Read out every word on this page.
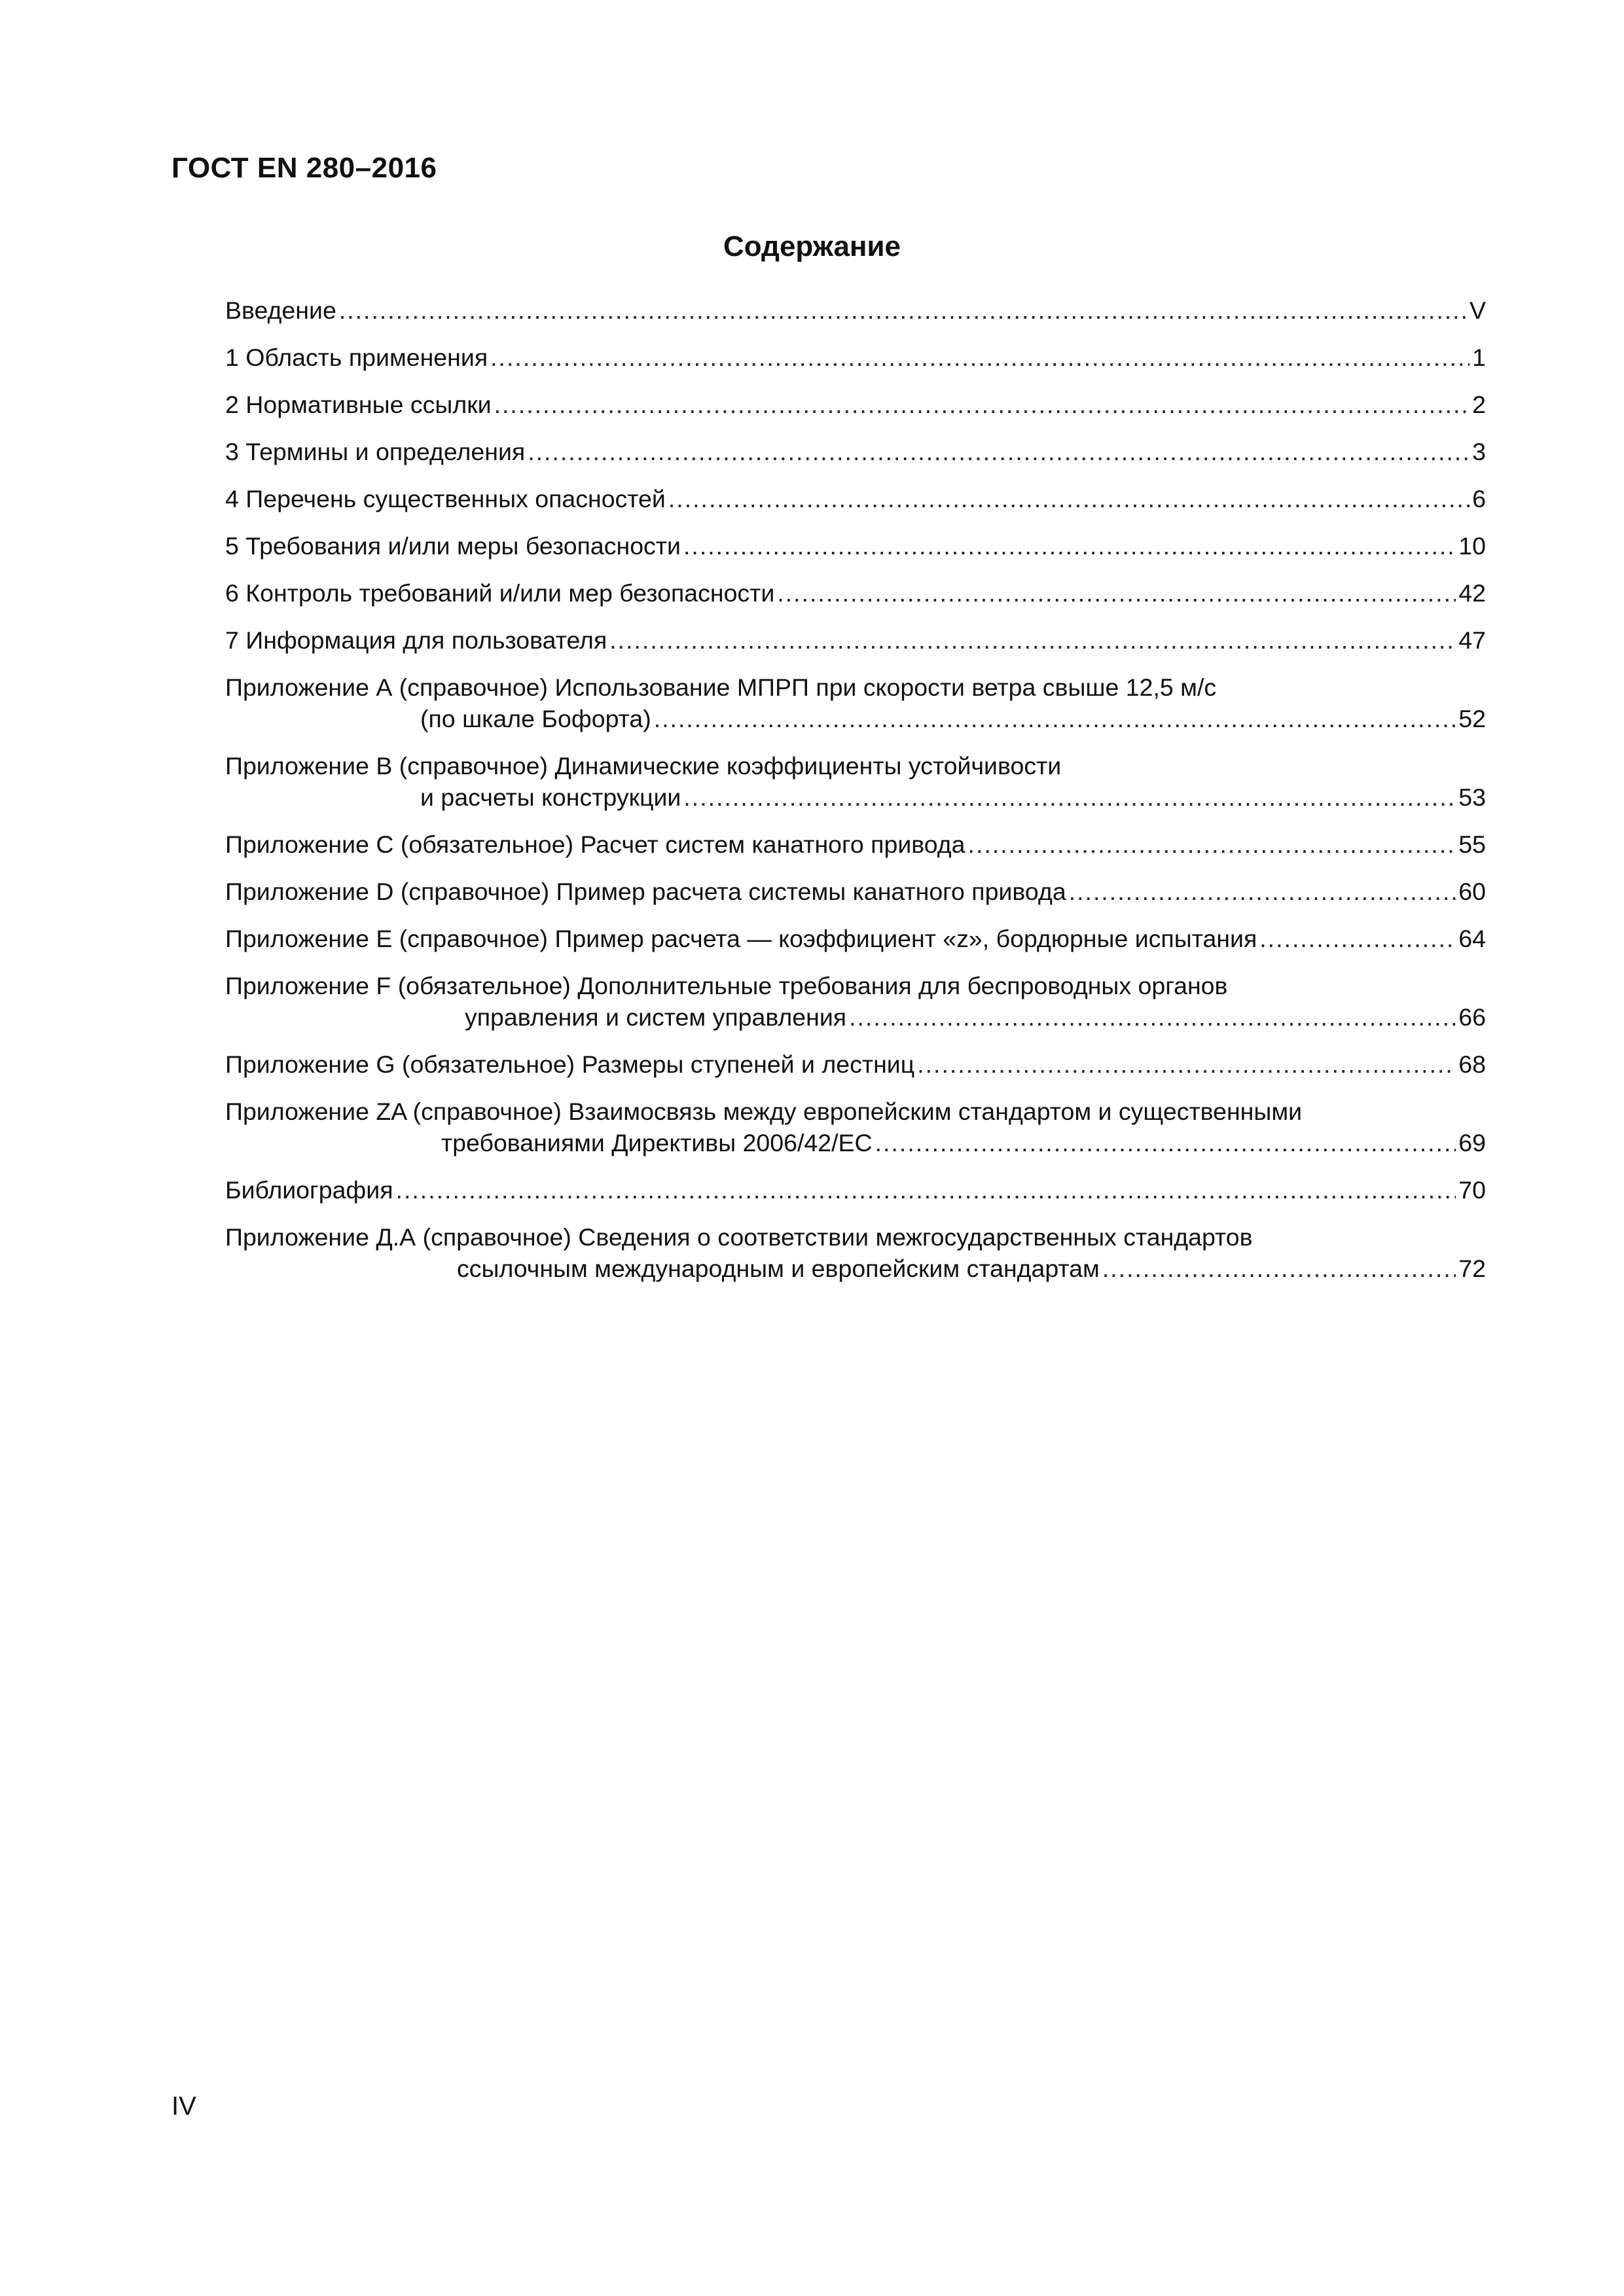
ГОСТ EN 280–2016
Содержание
Введение .....	V
1 Область применения .....	1
2 Нормативные ссылки .....	2
3 Термины и определения .....	3
4 Перечень существенных опасностей .....	6
5 Требования и/или меры безопасности .....	10
6 Контроль требований и/или мер безопасности .....	42
7 Информация для пользователя .....	47
Приложение А (справочное) Использование МПРП при скорости ветра свыше 12,5 м/с
(по шкале Бофорта) .....	52
Приложение В (справочное) Динамические коэффициенты устойчивости
и расчеты конструкции .....	53
Приложение С (обязательное) Расчет систем канатного привода .....	55
Приложение D (справочное) Пример расчета системы канатного привода .....	60
Приложение Е (справочное) Пример расчета — коэффициент «z», бордюрные испытания .....	64
Приложение F (обязательное) Дополнительные требования для беспроводных органов
управления и систем управления .....	66
Приложение G (обязательное) Размеры ступеней и лестниц .....	68
Приложение ZA (справочное) Взаимосвязь между европейским стандартом и существенными
требованиями Директивы 2006/42/ЕС .....	69
Библиография .....	70
Приложение Д.А (справочное) Сведения о соответствии межгосударственных стандартов
ссылочным международным и европейским стандартам .....	72
IV
